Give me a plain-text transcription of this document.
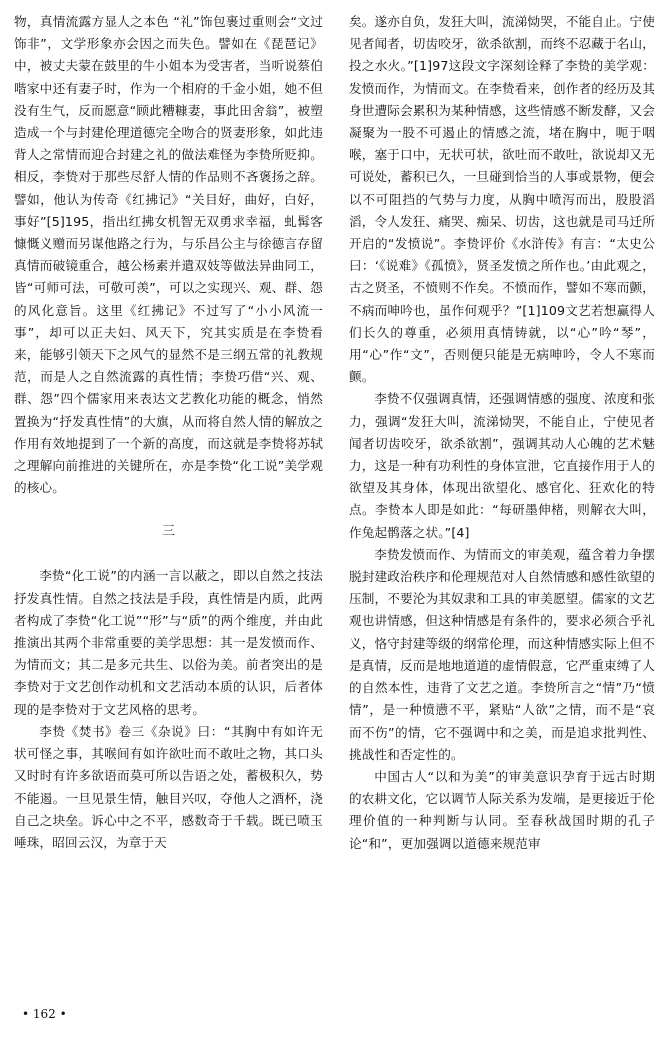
物，真情流露方显人之本色 “礼”饰包裹过重则会“文过饰非”，文学形象亦会因之而失色。譬如在《琵琶记》中，被丈夫蒙在鼓里的牛小姐本为受害者，当听说蔡伯喈家中还有妻子时，作为一个相府的千金小姐，她不但没有生气，反而愿意“顾此糟糠妻，事此田舍翁”，被塑造成一个与封建伦理道德完全吻合的贤妻形象，如此违背人之常情而迎合封建之礼的做法难怪为李贽所贬抑。相反，李贽对于那些尽舒人情的作品则不吝褒扬之辞。譬如，他认为传奇《红拂记》“关目好，曲好，白好，事好”[5]195，指出红拂女机智无双勇求幸福，虬髯客慷慨义赠而另谋他路之行为，与乐昌公主与徐德言存留真情而破镜重合，越公杨素并遣双妓等做法异曲同工，皆“可师可法，可敬可羡”，可以之实现兴、观、群、怨的风化意旨。这里《红拂记》不过写了“小小风流一事”，却可以正夫妇、风天下，究其实质是在李贽看来，能够引领天下之风气的显然不是三纲五常的礼教规范，而是人之自然流露的真性情；李贽巧借“兴、观、群、怨”四个儒家用来表达文艺教化功能的概念，悄然置换为“抒发真性情”的大旗，从而将自然人情的解放之作用有效地提到了一个新的高度，而这就是李贽将苏轼之理解向前推进的关键所在，亦是李贽“化工说”美学观的核心。

三

李贽“化工说”的内涵一言以蔽之，即以自然之技法抒发真性情。自然之技法是手段，真性情是内质，此两者构成了李贽“化工说”“形”与“质”的两个维度，并由此推演出其两个非常重要的美学思想：其一是发愤而作、为情而文；其二是多元共生、以俗为美。前者突出的是李贽对于文艺创作动机和文艺活动本质的认识，后者体现的是李贽对于文艺风格的思考。

李贽《焚书》卷三《杂说》曰：“其胸中有如许无状可怪之事，其喉间有如许欲吐而不敢吐之物，其口头又时时有许多欲语而莫可所以告语之处，蓄极积久，势不能遏。一旦见景生情，触目兴叹，夺他人之酒杯，浇自己之块垒。诉心中之不平，感数奇于千载。既已喷玉唾珠，昭回云汉，为章于天

矣。遂亦自负，发狂大叫，流涕恸哭，不能自止。宁使见者闻者，切齿咬牙，欲杀欲割，而终不忍藏于名山，投之水火。”[1]97这段文字深刻诠释了李贽的美学观：发愤而作，为情而文。在李贽看来，创作者的经历及其身世遭际会累积为某种情感，这些情感不断发酵，又会凝聚为一股不可遏止的情感之流，堵在胸中，呃于咽喉，塞于口中，无状可状，欲吐而不敢吐，欲说却又无可说处，蓄积已久，一旦碰到恰当的人事或景物，便会以不可阻挡的气势与力度，从胸中喷泻而出，股股滔滔，令人发狂、痛哭、痴呆、切齿，这也就是司马迁所开启的“发愤说”。李贽评价《水浒传》有言：“太史公曰：‘《说难》《孤愤》，贤圣发愤之所作也。’由此观之，古之贤圣，不愤则不作矣。不愤而作，譬如不寒而颤，不病而呻吟也，虽作何观乎？”[1]109文艺若想赢得人们长久的尊重，必须用真情铸就，以“心”吟“琴”，用“心”作“文”，否则便只能是无病呻吟，令人不寒而颤。

李贽不仅强调真情，还强调情感的强度、浓度和张力，强调“发狂大叫，流涕恸哭，不能自止，宁使见者闻者切齿咬牙，欲杀欲割”，强调其动人心魄的艺术魅力，这是一种有功利性的身体宣泄，它直接作用于人的欲望及其身体，体现出欲望化、感官化、狂欢化的特点。李贽本人即是如此：“每研墨伸楮，则解衣大叫，作兔起鹘落之状。”[4]

李贽发愤而作、为情而文的审美观，蕴含着力争摆脱封建政治秩序和伦理规范对人自然情感和感性欲望的压制，不要沦为其奴隶和工具的审美愿望。儒家的文艺观也讲情感，但这种情感是有条件的，要求必须合乎礼义，恪守封建等级的纲常伦理，而这种情感实际上但不是真情，反而是地地道道的虚情假意，它严重束缚了人的自然本性，违背了文艺之道。李贽所言之“情”乃“愤情”，是一种愤懑不平，紧贴“人欲”之情，而不是“哀而不伤”的情，它不强调中和之美，而是追求批判性、挑战性和否定性的。

中国古人“以和为美”的审美意识孕育于远古时期的农耕文化，它以调节人际关系为发端，是更接近于伦理价值的一种判断与认同。至春秋战国时期的孔子论“和”，更加强调以道德来规范审

• 162 •
